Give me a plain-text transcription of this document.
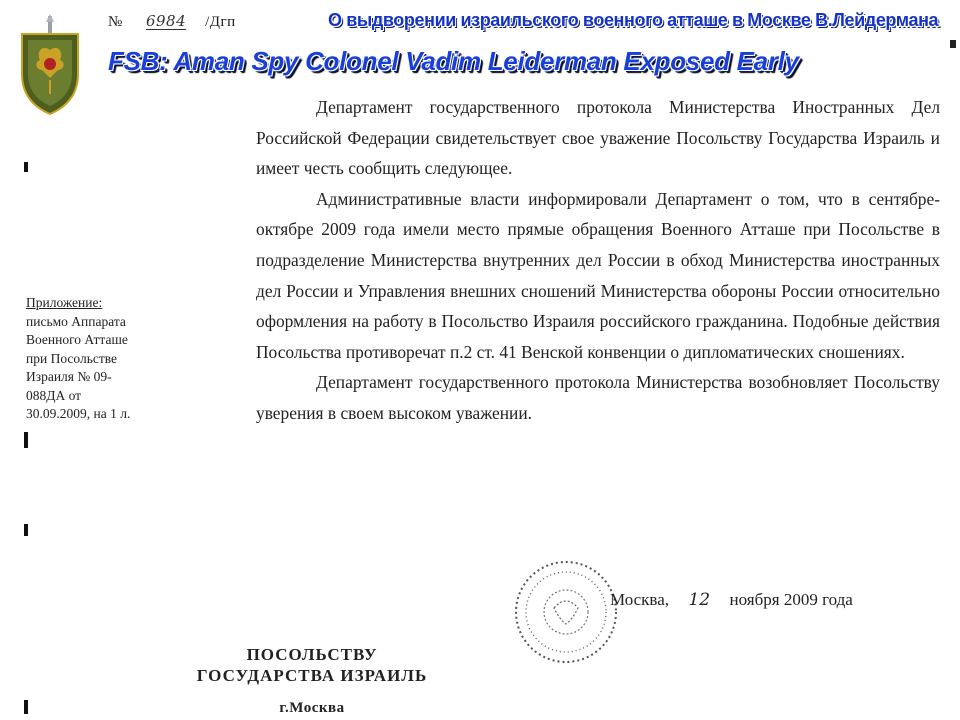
№ 6984 /Дгп	О выдворении израильского военного атташе в Москве В.Лейдермана
FSB: Aman Spy Colonel Vadim Leiderman Exposed Early

Департамент государственного протокола Министерства Иностранных Дел Российской Федерации свидетельствует свое уважение Посольству Государства Израиль и имеет честь сообщить следующее.

Административные власти информировали Департамент о том, что в сентябре-октябре 2009 года имели место прямые обращения Военного Атташе при Посольстве в подразделение Министерства внутренних дел России в обход Министерства иностранных дел России и Управления внешних сношений Министерства обороны России относительно оформления на работу в Посольство Израиля российского гражданина. Подобные действия Посольства противоречат п.2 ст. 41 Венской конвенции о дипломатических сношениях.

Департамент государственного протокола Министерства возобновляет Посольству уверения в своем высоком уважении.

Приложение:
письмо Аппарата
Военного Атташе
при Посольстве
Израиля № 09-
088ДА от
30.09.2009, на 1 л.
Москва, 12 ноября 2009 года
ПОСОЛЬСТВУ
ГОСУДАРСТВА ИЗРАИЛЬ
г.Москва
